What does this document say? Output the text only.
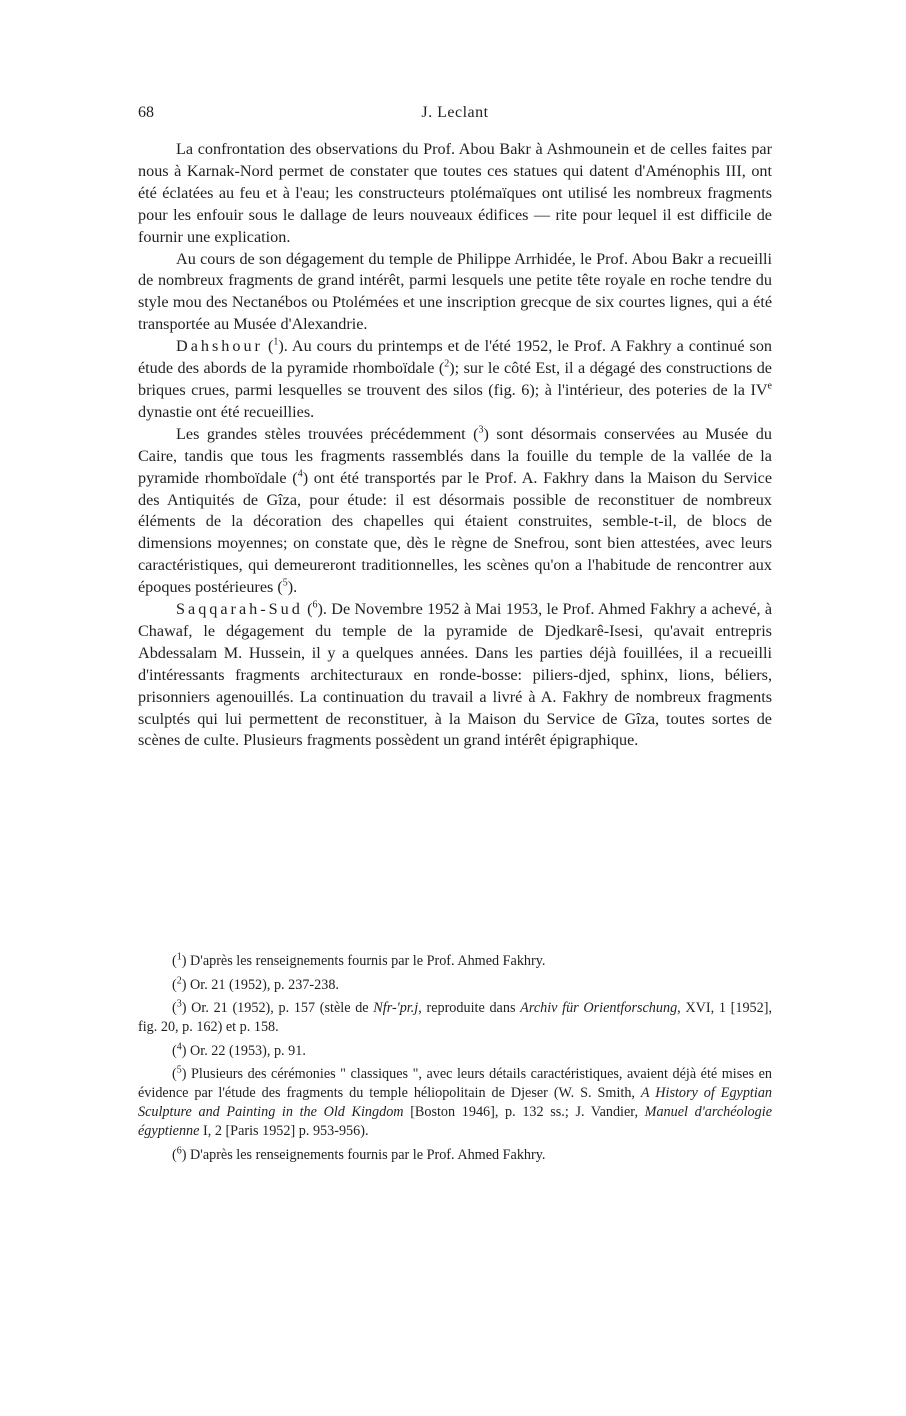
68	J. Leclant

La confrontation des observations du Prof. Abou Bakr à Ashmounein et de celles faites par nous à Karnak-Nord permet de constater que toutes ces statues qui datent d'Aménophis III, ont été éclatées au feu et à l'eau; les constructeurs ptolémaïques ont utilisé les nombreux fragments pour les enfouir sous le dallage de leurs nouveaux édifices — rite pour lequel il est difficile de fournir une explication.

Au cours de son dégagement du temple de Philippe Arrhidée, le Prof. Abou Bakr a recueilli de nombreux fragments de grand intérêt, parmi lesquels une petite tête royale en roche tendre du style mou des Nectanébos ou Ptolémées et une inscription grecque de six courtes lignes, qui a été transportée au Musée d'Alexandrie.

Dahshour ($^1$). Au cours du printemps et de l'été 1952, le Prof. A Fakhry a continué son étude des abords de la pyramide rhomboïdale ($^2$); sur le côté Est, il a dégagé des constructions de briques crues, parmi lesquelles se trouvent des silos (fig. 6); à l'intérieur, des poteries de la IVe dynastie ont été recueillies.

Les grandes stèles trouvées précédemment ($^3$) sont désormais conservées au Musée du Caire, tandis que tous les fragments rassemblés dans la fouille du temple de la vallée de la pyramide rhomboïdale ($^4$) ont été transportés par le Prof. A. Fakhry dans la Maison du Service des Antiquités de Gîza, pour étude: il est désormais possible de reconstituer de nombreux éléments de la décoration des chapelles qui étaient construites, semble-t-il, de blocs de dimensions moyennes; on constate que, dès le règne de Snefrou, sont bien attestées, avec leurs caractéristiques, qui demeureront traditionnelles, les scènes qu'on a l'habitude de rencontrer aux époques postérieures ($^5$).

Saqqarah-Sud ($^6$). De Novembre 1952 à Mai 1953, le Prof. Ahmed Fakhry a achevé, à Chawaf, le dégagement du temple de la pyramide de Djedkarê-Isesi, qu'avait entrepris Abdessalam M. Hussein, il y a quelques années. Dans les parties déjà fouillées, il a recueilli d'intéressants fragments architecturaux en ronde-bosse: piliers-djed, sphinx, lions, béliers, prisonniers agenouillés. La continuation du travail a livré à A. Fakhry de nombreux fragments sculptés qui lui permettent de reconstituer, à la Maison du Service de Gîza, toutes sortes de scènes de culte. Plusieurs fragments possèdent un grand intérêt épigraphique.

($^1$) D'après les renseignements fournis par le Prof. Ahmed Fakhry.

($^2$) Or. 21 (1952), p. 237-238.

($^3$) Or. 21 (1952), p. 157 (stèle de Nfr-'pr.j, reproduite dans Archiv für Orientforschung, XVI, 1 [1952], fig. 20, p. 162) et p. 158.

($^4$) Or. 22 (1953), p. 91.

($^5$) Plusieurs des cérémonies " classiques ", avec leurs détails caractéristiques, avaient déjà été mises en évidence par l'étude des fragments du temple héliopolitain de Djeser (W. S. Smith, A History of Egyptian Sculpture and Painting in the Old Kingdom [Boston 1946], p. 132 ss.; J. Vandier, Manuel d'archéologie égyptienne I, 2 [Paris 1952] p. 953-956).

($^6$) D'après les renseignements fournis par le Prof. Ahmed Fakhry.
